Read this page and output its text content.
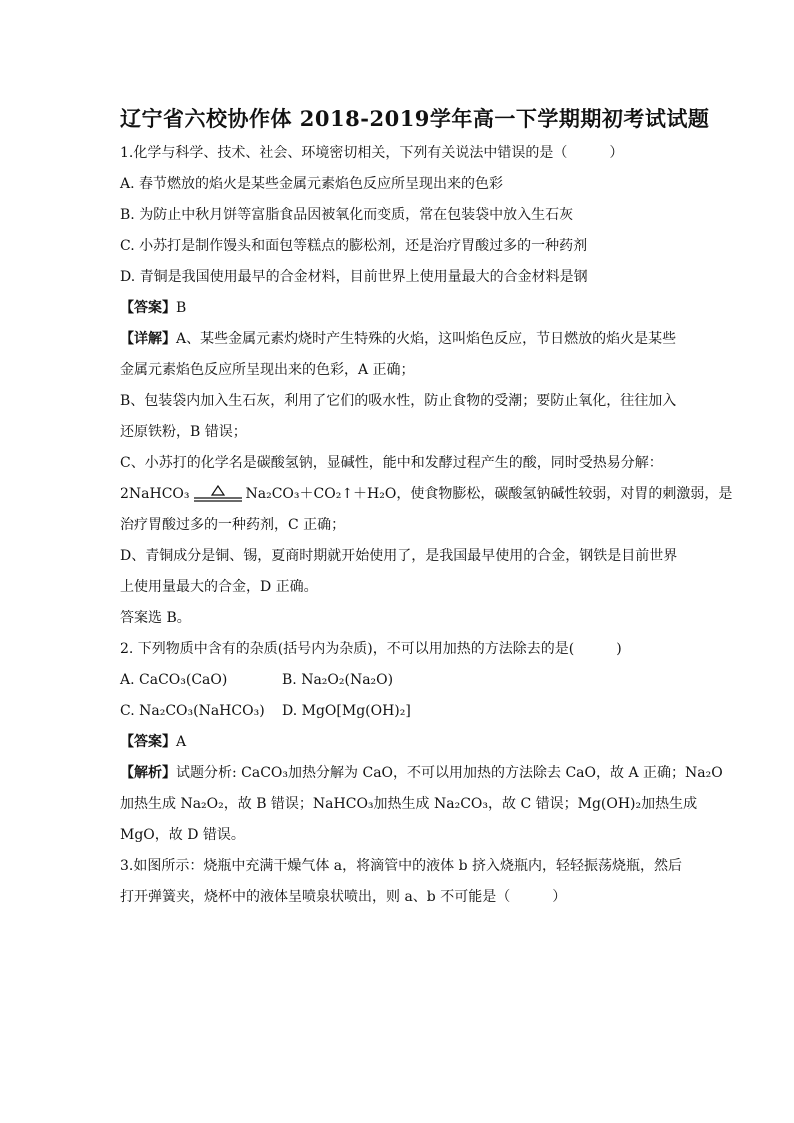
辽宁省六校协作体 2018-2019学年高一下学期期初考试试题
1.化学与科学、技术、社会、环境密切相关，下列有关说法中错误的是（　　　）
A. 春节燃放的焰火是某些金属元素焰色反应所呈现出来的色彩
B. 为防止中秋月饼等富脂食品因被氧化而变质，常在包装袋中放入生石灰
C. 小苏打是制作馒头和面包等糕点的膨松剂，还是治疗胃酸过多的一种药剂
D. 青铜是我国使用最早的合金材料，目前世界上使用量最大的合金材料是钢
【答案】B
【详解】A、某些金属元素灼烧时产生特殊的火焰，这叫焰色反应，节日燃放的焰火是某些
金属元素焰色反应所呈现出来的色彩，A 正确；
B、包装袋内加入生石灰，利用了它们的吸水性，防止食物的受潮；要防止氧化，往往加入
还原铁粉，B 错误；
C、小苏打的化学名是碳酸氢钠，显碱性，能中和发酵过程产生的酸，同时受热易分解：
2NaHCO₃	Na₂CO₃＋CO₂↑＋H₂O，使食物膨松，碳酸氢钠碱性较弱，对胃的刺激弱，是
治疗胃酸过多的一种药剂，C 正确；
D、青铜成分是铜、锡，夏商时期就开始使用了，是我国最早使用的合金，钢铁是目前世界
上使用量最大的合金，D 正确。
答案选 B。
2. 下列物质中含有的杂质(括号内为杂质)，不可以用加热的方法除去的是(　　　)
A. CaCO₃(CaO)	B. Na₂O₂(Na₂O)
C. Na₂CO₃(NaHCO₃) D. MgO[Mg(OH)₂]
【答案】A
【解析】试题分析: CaCO₃加热分解为 CaO，不可以用加热的方法除去 CaO，故 A 正确；Na₂O
加热生成 Na₂O₂，故 B 错误；NaHCO₃加热生成 Na₂CO₃，故 C 错误；Mg(OH)₂加热生成
MgO，故 D 错误。
3.如图所示：烧瓶中充满干燥气体 a，将滴管中的液体 b 挤入烧瓶内，轻轻振荡烧瓶，然后
打开弹簧夹，烧杯中的液体呈喷泉状喷出，则 a、b 不可能是（　　　）
